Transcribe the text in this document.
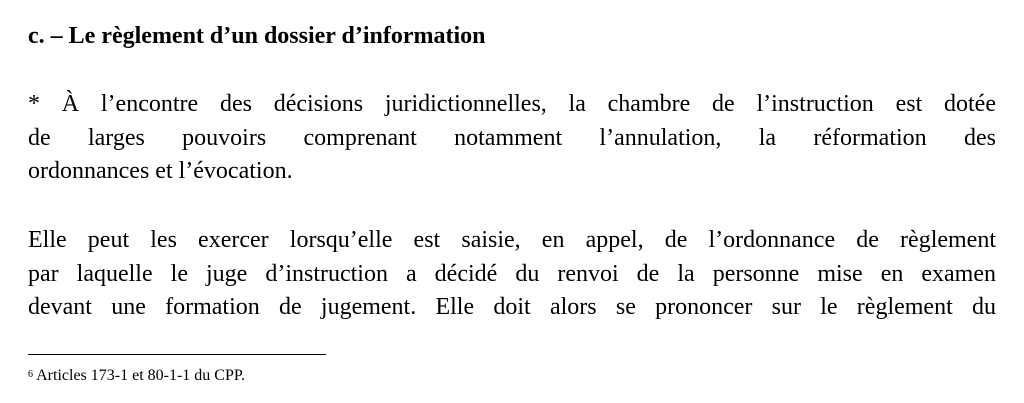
c. – Le règlement d’un dossier d’information
* À l’encontre des décisions juridictionnelles, la chambre de l’instruction est dotée
de larges pouvoirs comprenant notamment l’annulation, la réformation des
ordonnances et l’évocation.
Elle peut les exercer lorsqu’elle est saisie, en appel, de l’ordonnance de règlement
par laquelle le juge d’instruction a décidé du renvoi de la personne mise en examen
devant une formation de jugement. Elle doit alors se prononcer sur le règlement du
$^6$ Articles 173-1 et 80-1-1 du CPP.
